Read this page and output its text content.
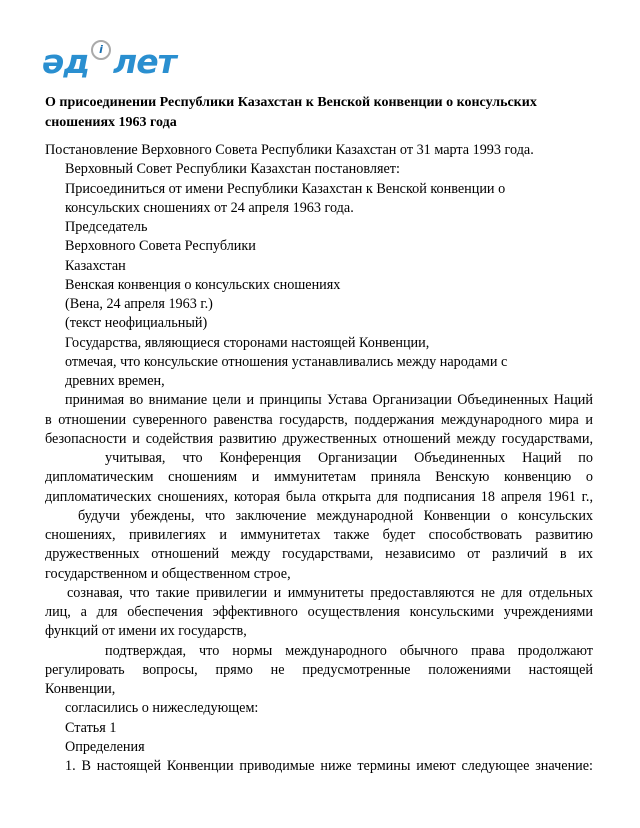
әд і лет
О присоединении Республики Казахстан к Венской конвенции о консульских
сношениях 1963 года
Постановление Верховного Совета Республики Казахстан от 31 марта 1993 года.
Верховный Совет Республики Казахстан постановляет:
Присоединиться от имени Республики Казахстан к Венской конвенции о
консульских сношениях от 24 апреля 1963 года.
Председатель
Верховного Совета Республики
Казахстан
Венская конвенция о консульских сношениях
(Вена, 24 апреля 1963 г.)
(текст неофициальный)
Государства, являющиеся сторонами настоящей Конвенции,
отмечая, что консульские отношения устанавливались между народами с
древних времен,
принимая во внимание цели и принципы Устава Организации Объединенных Наций
в отношении суверенного равенства государств, поддержания международного мира и
безопасности и содействия развитию дружественных отношений между государствами,
учитывая, что Конференция Организации Объединенных Наций по
дипломатическим сношениям и иммунитетам приняла Венскую конвенцию о
дипломатических сношениях, которая была открыта для подписания 18 апреля 1961 г.,
будучи убеждены, что заключение международной Конвенции о консульских
сношениях, привилегиях и иммунитетах также будет способствовать развитию
дружественных отношений между государствами, независимо от различий в их
государственном и общественном строе,
сознавая, что такие привилегии и иммунитеты предоставляются не для отдельных
лиц, а для обеспечения эффективного осуществления консульскими учреждениями
функций от имени их государств,
подтверждая, что нормы международного обычного права продолжают
регулировать вопросы, прямо не предусмотренные положениями настоящей
Конвенции,
согласились о нижеследующем:
Статья 1
Определения
1. В настоящей Конвенции приводимые ниже термины имеют следующее значение:
